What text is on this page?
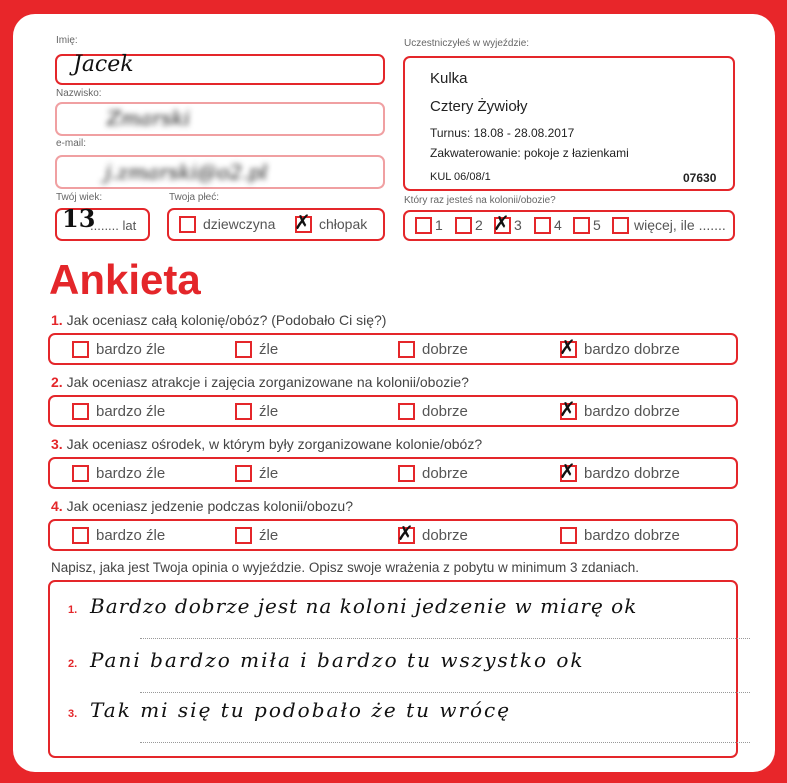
Imię:
Jacek
Nazwisko:
Zmarski
e-mail:
j.zmarski@o2.pl
Twój wiek:
13
........ lat
Twoja płeć:
dziewczyna ✗ chłopak
Uczestniczyłeś w wyjeździe:
Kulka
Cztery Żywioły
Turnus: 18.08 - 28.08.2017
Zakwaterowanie: pokoje z łazienkami
KUL 06/08/1	07630
Który raz jesteś na kolonii/obozie?
1 2 ✗ 3 4 5 więcej, ile .......
Ankieta
1. Jak oceniasz całą kolonię/obóz? (Podobało Ci się?)
bardzo źle	źle	dobrze	✗ bardzo dobrze
2. Jak oceniasz atrakcje i zajęcia zorganizowane na kolonii/obozie?
bardzo źle	źle	dobrze	✗ bardzo dobrze
3. Jak oceniasz ośrodek, w którym były zorganizowane kolonie/obóz?
bardzo źle	źle	dobrze	✗ bardzo dobrze
4. Jak oceniasz jedzenie podczas kolonii/obozu?
bardzo źle	źle	✗ dobrze	bardzo dobrze
Napisz, jaka jest Twoja opinia o wyjeździe. Opisz swoje wrażenia z pobytu w minimum 3 zdaniach.
1. Bardzo dobrze jest na koloni jedzenie w miarę ok
2. Pani bardzo miła i bardzo tu wszystko ok
3. Tak mi się tu podobało że tu wrócę
